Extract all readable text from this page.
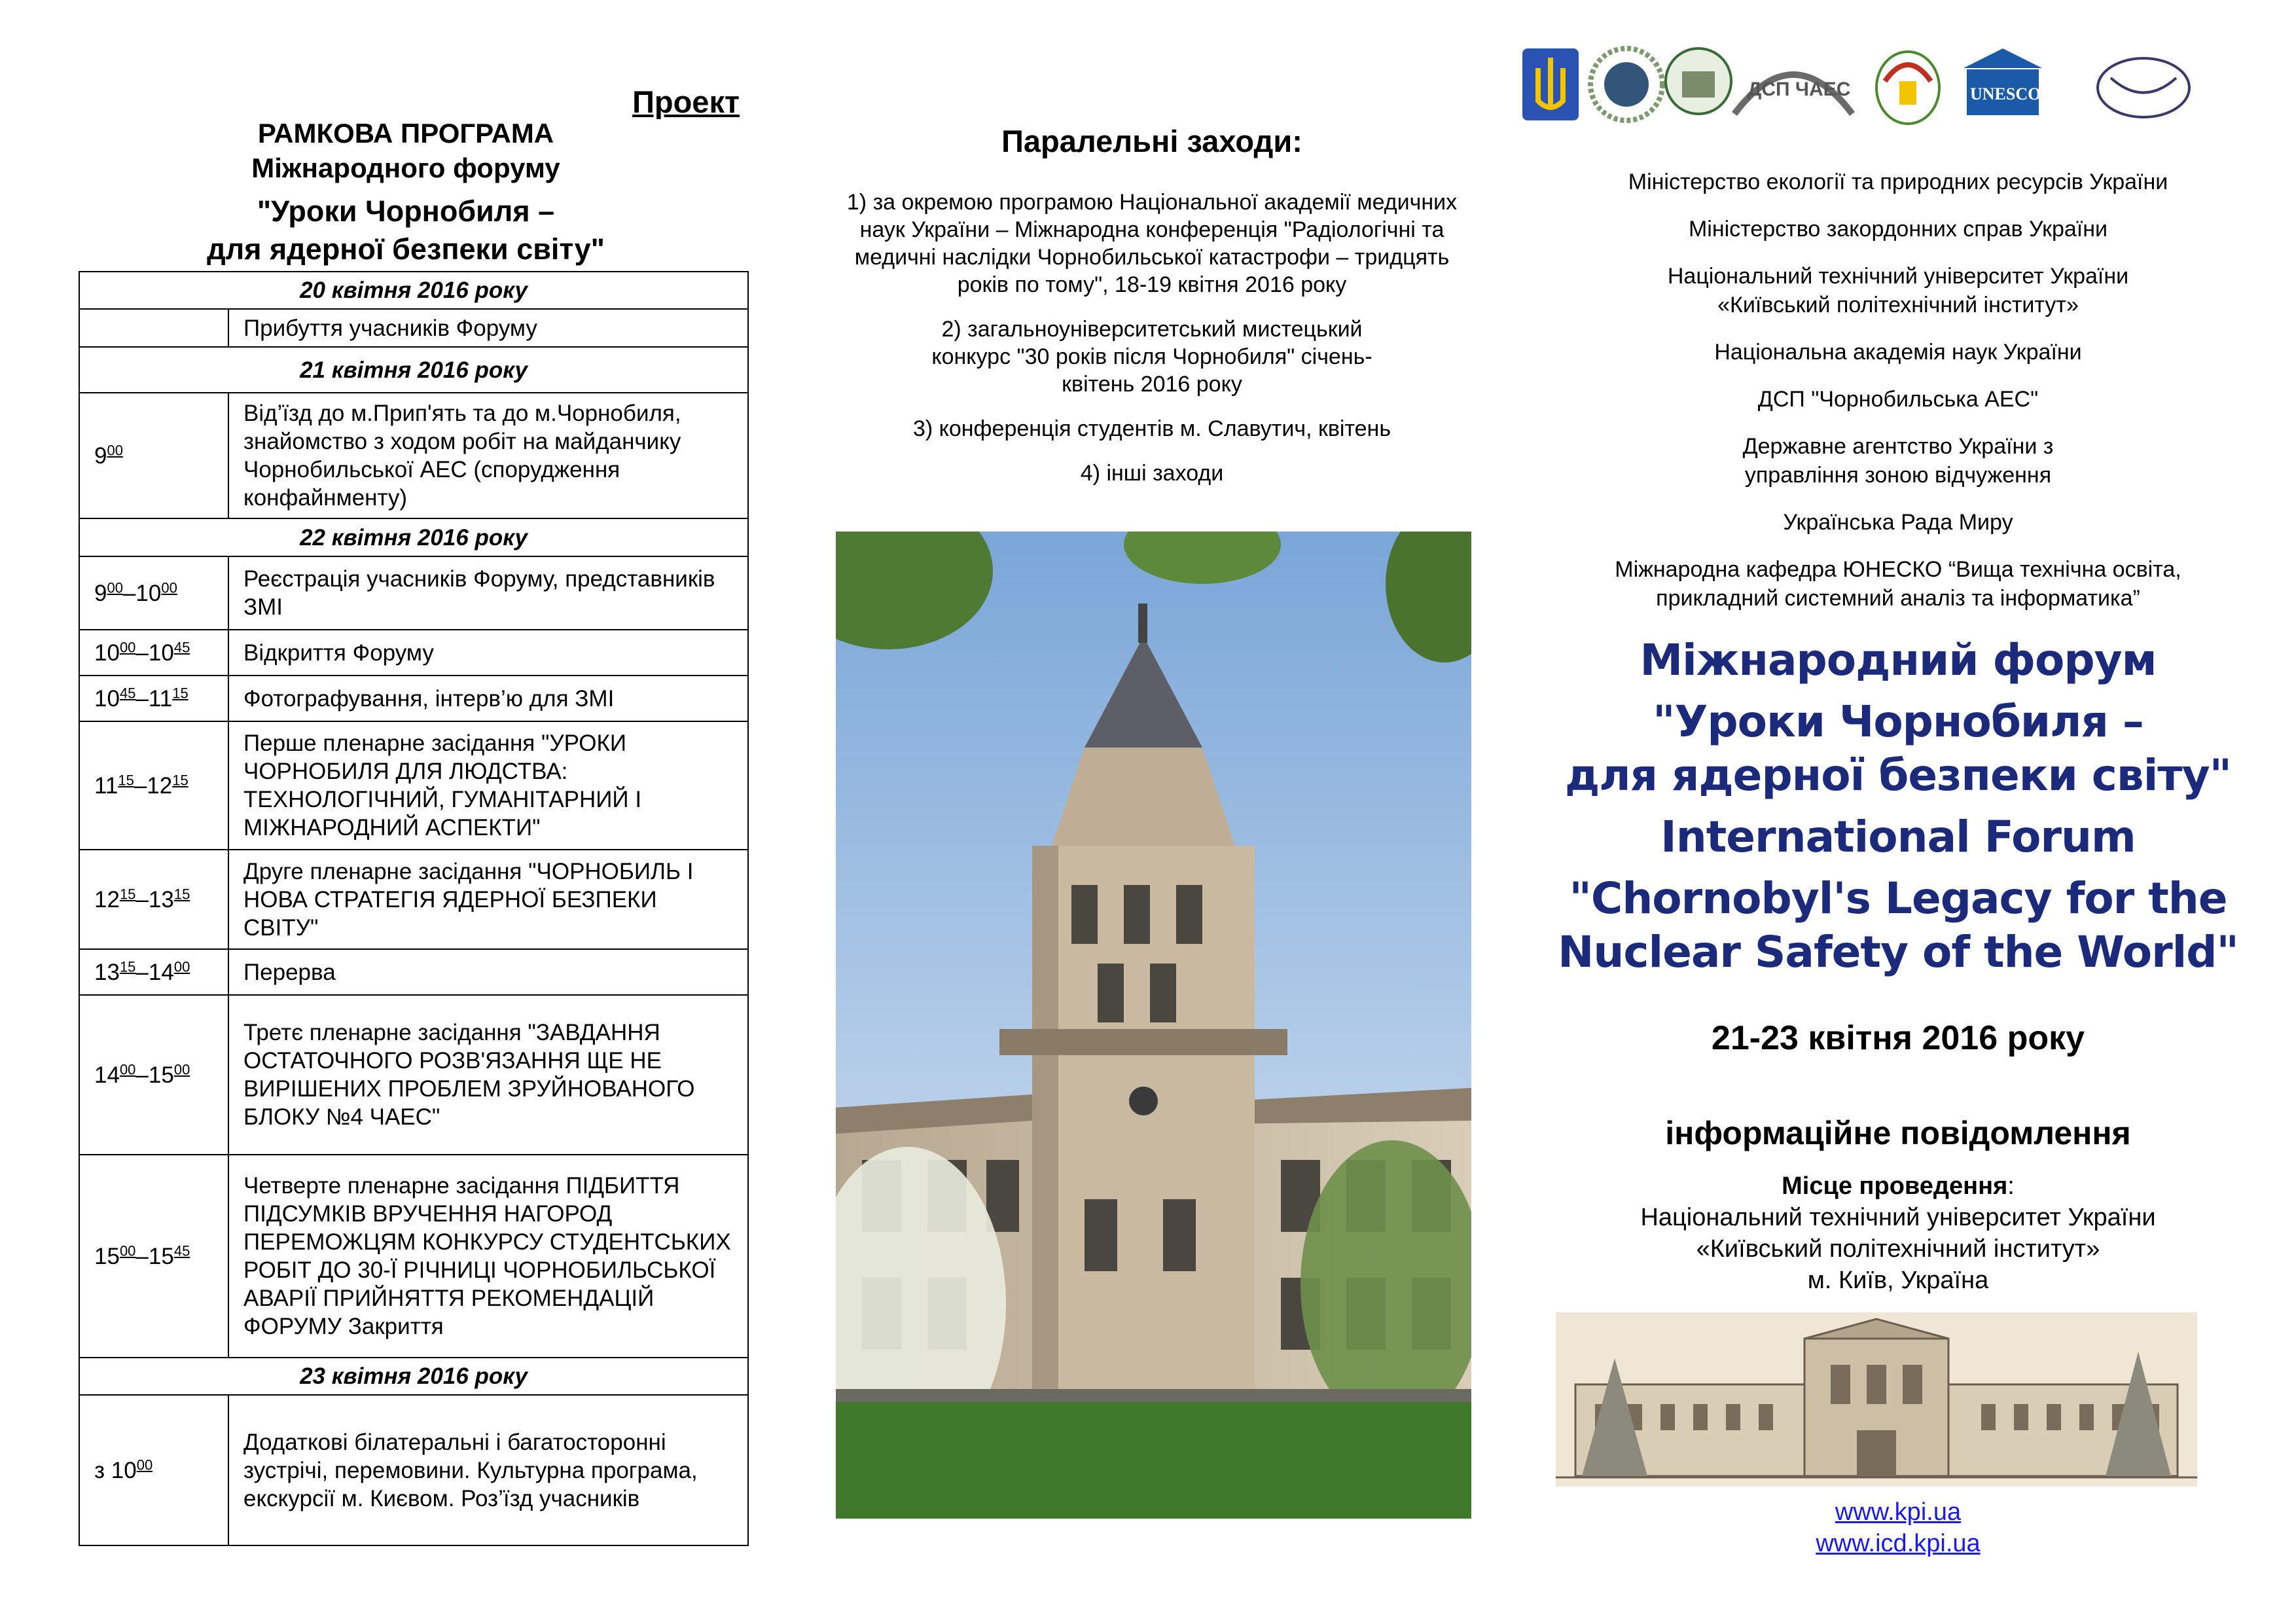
Проект
РАМКОВА ПРОГРАМА
Міжнародного форуму
"Уроки Чорнобиля –
для ядерної безпеки світу"
20 квітня 2016 року	
	Прибуття учасників Форуму
21 квітня 2016 року	
$9^{00}$	Від’їзд до м.Прип'ять та до м.Чорнобиля, знайомство з ходом робіт на майданчику Чорнобильської АЕС (спорудження конфайнменту)
22 квітня 2016 року	
$9^{00}-10^{00}$	Реєстрація учасників Форуму, представників ЗМІ
$10^{00}-10^{45}$	Відкриття Форуму
$10^{45}-11^{15}$	Фотографування, інтерв’ю для ЗМІ
$11^{15}-12^{15}$	Перше пленарне засідання "УРОКИ ЧОРНОБИЛЯ ДЛЯ ЛЮДСТВА: ТЕХНОЛОГІЧНИЙ, ГУМАНІТАРНИЙ І МІЖНАРОДНИЙ АСПЕКТИ"
$12^{15}-13^{15}$	Друге пленарне засідання "ЧОРНОБИЛЬ І НОВА СТРАТЕГІЯ ЯДЕРНОЇ БЕЗПЕКИ СВІТУ"
$13^{15}-14^{00}$	Перерва
$14^{00}-15^{00}$	Третє пленарне засідання "ЗАВДАННЯ ОСТАТОЧНОГО РОЗВ'ЯЗАННЯ ЩЕ НЕ ВИРІШЕНИХ ПРОБЛЕМ ЗРУЙНОВАНОГО БЛОКУ №4 ЧАЕС"
$15^{00}-15^{45}$	Четверте пленарне засідання ПІДБИТТЯ ПІДСУМКІВ ВРУЧЕННЯ НАГОРОД ПЕРЕМОЖЦЯМ КОНКУРСУ СТУДЕНТСЬКИХ РОБІТ ДО 30-Ї РІЧНИЦІ ЧОРНОБИЛЬСЬКОЇ АВАРІЇ ПРИЙНЯТТЯ РЕКОМЕНДАЦІЙ ФОРУМУ Закриття
23 квітня 2016 року	
з $10^{00}$	Додаткові білатеральні і багатосторонні зустрічі, перемовини. Культурна програма, екскурсії м. Києвом. Роз’їзд учасників
Паралельні заходи:

1) за окремою програмою Національної академії медичних наук України – Міжнародна конференція "Радіологічні та медичні наслідки Чорнобильської катастрофи – тридцять років по тому", 18-19 квітня 2016 року

2) загальноуніверситетський мистецький конкурс "30 років після Чорнобиля" січень-квітень 2016 року

3) конференція студентів м. Славутич, квітень

4) інші заходи

ДСП ЧАЕС	UNESCO

Міністерство екології та природних ресурсів України

Міністерство закордонних справ України

Національний технічний університет України «Київський політехнічний інститут»

Національна академія наук України

ДСП "Чорнобильська АЕС"

Державне агентство України з управління зоною відчуження

Українська Рада Миру

Міжнародна кафедра ЮНЕСКО “Вища технічна освіта, прикладний системний аналіз та інформатика”

Міжнародний форум
"Уроки Чорнобиля –
для ядерної безпеки світу"
International Forum
"Chornobyl's Legacy for the
Nuclear Safety of the World"
21-23 квітня 2016 року
інформаційне повідомлення
Місце проведення:
Національний технічний університет України
«Київський політехнічний інститут»
м. Київ, Україна
www.kpi.ua
www.icd.kpi.ua
